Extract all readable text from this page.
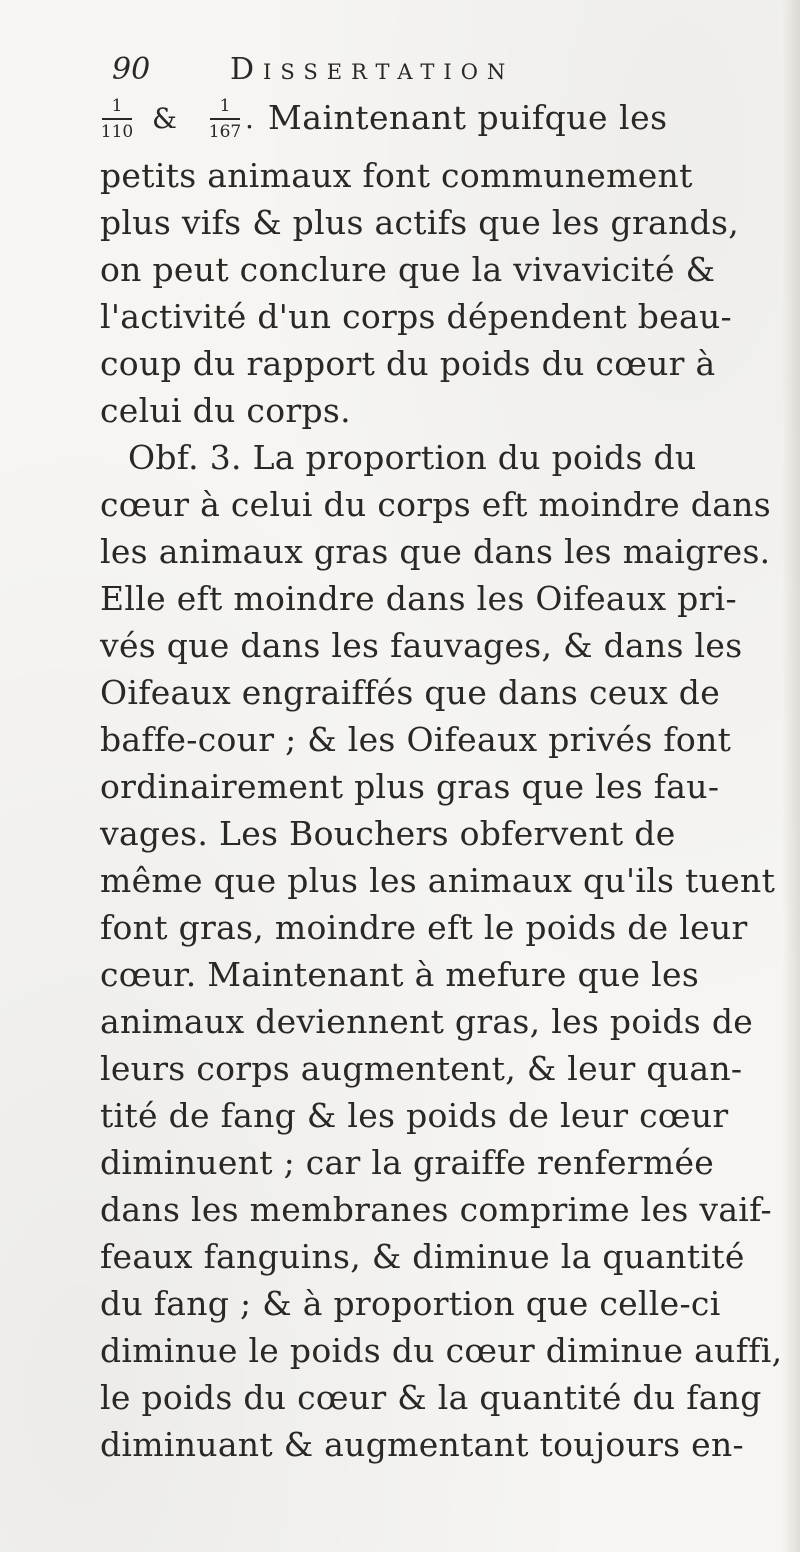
90	Dissertation
1
110 &	1
167 . Maintenant puifque les
petits animaux font communement
plus vifs & plus actifs que les grands,
on peut conclure que la vivavicité &
l'activité d'un corps dépendent beau-
coup du rapport du poids du cœur à
celui du corps.
Obf. 3. La proportion du poids du
cœur à celui du corps eft moindre dans
les animaux gras que dans les maigres.
Elle eft moindre dans les Oifeaux pri-
vés que dans les fauvages, & dans les
Oifeaux engraiffés que dans ceux de
baffe-cour ; & les Oifeaux privés font
ordinairement plus gras que les fau-
vages. Les Bouchers obfervent de
même que plus les animaux qu'ils tuent
font gras, moindre eft le poids de leur
cœur. Maintenant à mefure que les
animaux deviennent gras, les poids de
leurs corps augmentent, & leur quan-
tité de fang & les poids de leur cœur
diminuent ; car la graiffe renfermée
dans les membranes comprime les vaif-
feaux fanguins, & diminue la quantité
du fang ; & à proportion que celle-ci
diminue le poids du cœur diminue auffi,
le poids du cœur & la quantité du fang
diminuant & augmentant toujours en-
